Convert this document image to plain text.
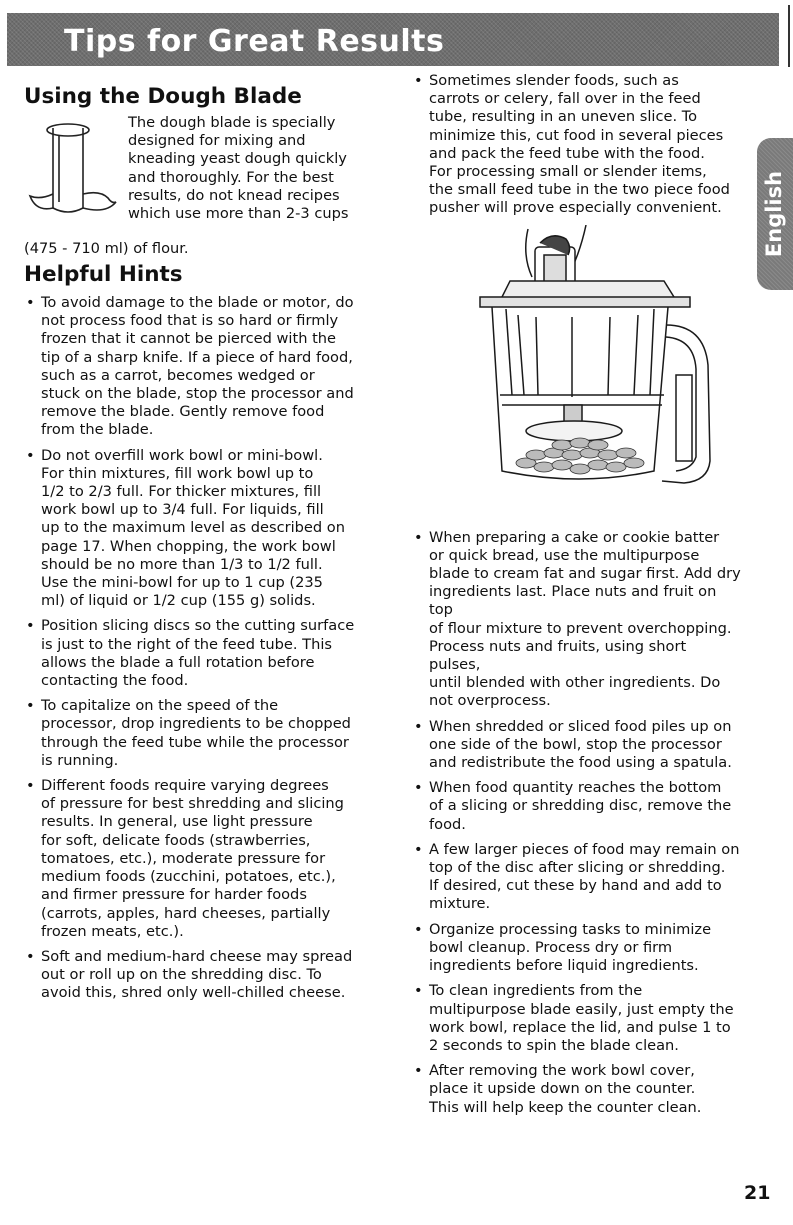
Tips for Great Results
English
Using the Dough Blade

The dough blade is specially
designed for mixing and
kneading yeast dough quickly
and thoroughly. For the best
results, do not knead recipes
which use more than 2-3 cups

(475 - 710 ml) of flour.

Helpful Hints
• To avoid damage to the blade or motor, do
not process food that is so hard or firmly
frozen that it cannot be pierced with the
tip of a sharp knife. If a piece of hard food,
such as a carrot, becomes wedged or
stuck on the blade, stop the processor and
remove the blade. Gently remove food
from the blade.
• Do not overfill work bowl or mini-bowl.
For thin mixtures, fill work bowl up to
1/2 to 2/3 full. For thicker mixtures, fill
work bowl up to 3/4 full. For liquids, fill
up to the maximum level as described on
page 17. When chopping, the work bowl
should be no more than 1/3 to 1/2 full.
Use the mini-bowl for up to 1 cup (235
ml) of liquid or 1/2 cup (155 g) solids.
• Position slicing discs so the cutting surface
is just to the right of the feed tube. This
allows the blade a full rotation before
contacting the food.
• To capitalize on the speed of the
processor, drop ingredients to be chopped
through the feed tube while the processor
is running.
• Different foods require varying degrees
of pressure for best shredding and slicing
results. In general, use light pressure
for soft, delicate foods (strawberries,
tomatoes, etc.), moderate pressure for
medium foods (zucchini, potatoes, etc.),
and firmer pressure for harder foods
(carrots, apples, hard cheeses, partially
frozen meats, etc.).
• Soft and medium-hard cheese may spread
out or roll up on the shredding disc. To
avoid this, shred only well-chilled cheese.
• Sometimes slender foods, such as
carrots or celery, fall over in the feed
tube, resulting in an uneven slice. To
minimize this, cut food in several pieces
and pack the feed tube with the food.
For processing small or slender items,
the small feed tube in the two piece food
pusher will prove especially convenient.
• When preparing a cake or cookie batter
or quick bread, use the multipurpose
blade to cream fat and sugar first. Add dry
ingredients last. Place nuts and fruit on top
of flour mixture to prevent overchopping.
Process nuts and fruits, using short pulses,
until blended with other ingredients. Do
not overprocess.
• When shredded or sliced food piles up on
one side of the bowl, stop the processor
and redistribute the food using a spatula.
• When food quantity reaches the bottom
of a slicing or shredding disc, remove the
food.
• A few larger pieces of food may remain on
top of the disc after slicing or shredding.
If desired, cut these by hand and add to
mixture.
• Organize processing tasks to minimize
bowl cleanup. Process dry or firm
ingredients before liquid ingredients.
• To clean ingredients from the
multipurpose blade easily, just empty the
work bowl, replace the lid, and pulse 1 to
2 seconds to spin the blade clean.
• After removing the work bowl cover,
place it upside down on the counter.
This will help keep the counter clean.
21
